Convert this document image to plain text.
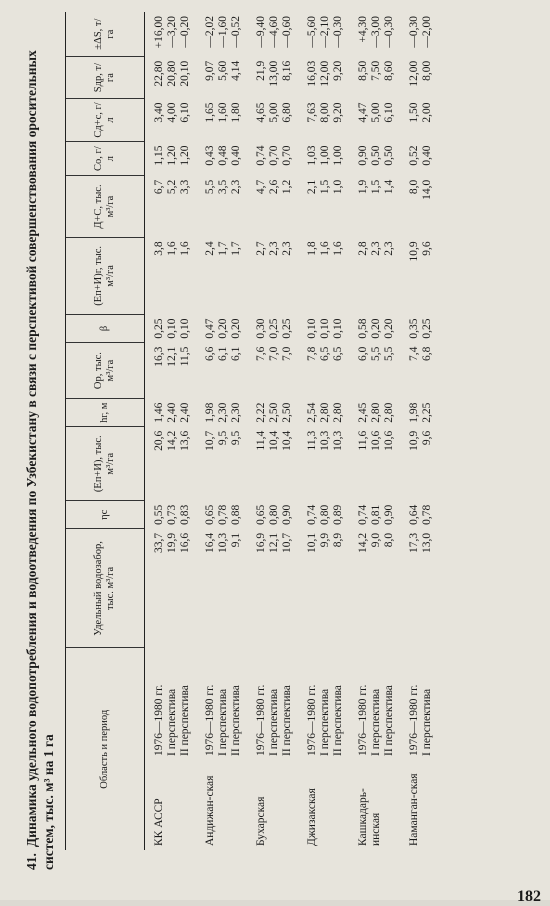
182
41.Динамика удельного водопотребления и водоотведения по Узбекистану в связи с перспективой совершенствования оросительных систем, тыс. м³ на 1 га	Область и период		Удельный водозабор, тыс. м³/га	ηс	(Eп+И), тыс. м³/га	hг, м	Oр, тыс. м³/га	β	(Eп+И)г, тыс. м³/га	Д+С, тыс. м³/га	Cо, г/л	Cд+с, г/л	Sдр, т/га	±ΔS, т/га
КК АССР	1976—1980 гг.	33,7	0,55	20,6	1,46	16,3	0,25	3,8	6,7	1,15	3,40	22,80	+16,00
	I перспектива	19,9	0,73	14,2	2,40	12,1	0,10	1,6	5,2	1,20	4,00	20,80	—3,20
	II перспектива	16,6	0,83	13,6	2,40	11,5	0,10	1,6	3,3	1,20	6,10	20,10	—0,20
Андижан-ская	1976—1980 гг.	16,4	0,65	10,7	1,98	6,6	0,47	2,4	5,5	0,43	1,65	9,07	—2,02
	I перспектива	10,3	0,78	9,5	2,30	6,1	0,20	1,7	3,5	0,48	1,60	5,60	—1,60
	II перспектива	9,1	0,88	9,5	2,30	6,1	0,20	1,7	2,3	0,40	1,80	4,14	—0,52
Бухарская	1976—1980 гг.	16,9	0,65	11,4	2,22	7,6	0,30	2,7	4,7	0,74	4,65	21,9	—9,40
	I перспектива	12,1	0,80	10,4	2,50	7,0	0,25	2,3	2,6	0,70	5,00	13,00	—4,60
	II перспектива	10,7	0,90	10,4	2,50	7,0	0,25	2,3	1,2	0,70	6,80	8,16	—0,60
Джизакская	1976—1980 гг.	10,1	0,74	11,3	2,54	7,8	0,10	1,8	2,1	1,03	7,63	16,03	—5,60
	I перспектива	9,9	0,80	10,3	2,80	6,5	0,10	1,6	1,5	1,00	8,00	12,00	—2,10
	II перспектива	8,9	0,89	10,3	2,80	6,5	0,10	1,6	1,0	1,00	9,20	9,20	—0,30
Кашкадарь-инская	1976—1980 гг.	14,2	0,74	11,6	2,45	6,0	0,58	2,8	1,9	0,90	4,47	8,50	+4,30
	I перспектива	9,0	0,81	10,6	2,80	5,5	0,20	2,3	1,5	0,50	5,00	7,50	—3,00
	II перспектива	8,0	0,90	10,6	2,80	5,5	0,20	2,3	1,4	0,50	6,10	8,60	—0,30
Наманган-ская	1976—1980 гг.	17,3	0,64	10,9	1,98	7,4	0,35	10,9	8,0	0,52	1,50	12,00	—0,30
	I перспектива	13,0	0,78	9,6	2,25	6,8	0,25	9,6	14,0	0,40	2,00	8,00	—2,00
